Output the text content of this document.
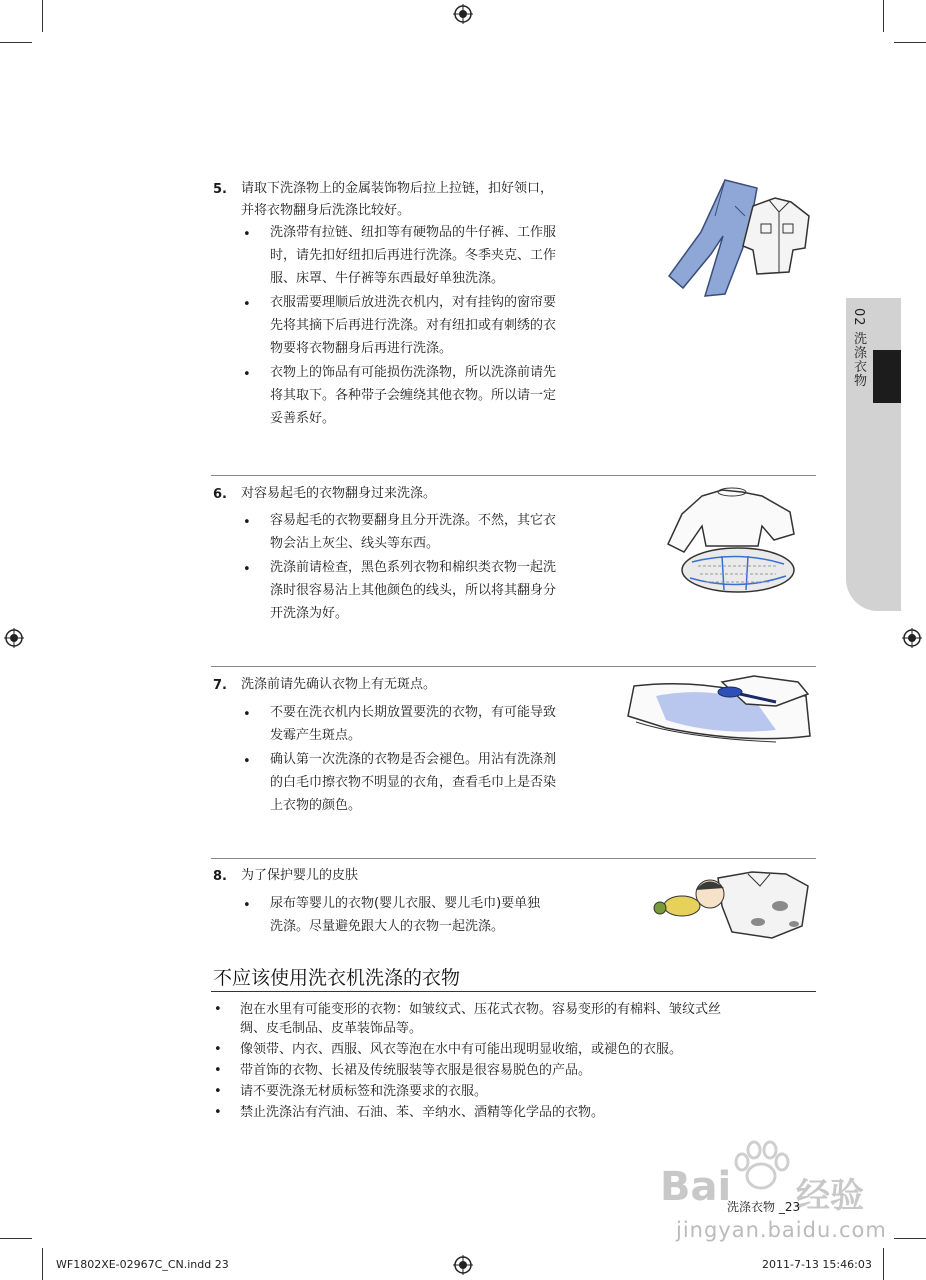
02 洗涤衣物
5. 请取下洗涤物上的金属装饰物后拉上拉链，扣好领口，
并将衣物翻身后洗涤比较好。
• 洗涤带有拉链、纽扣等有硬物品的牛仔裤、工作服
时，请先扣好纽扣后再进行洗涤。冬季夹克、工作
服、床罩、牛仔裤等东西最好单独洗涤。
• 衣服需要理顺后放进洗衣机内，对有挂钩的窗帘要
先将其摘下后再进行洗涤。对有纽扣或有刺绣的衣
物要将衣物翻身后再进行洗涤。
• 衣物上的饰品有可能损伤洗涤物，所以洗涤前请先
将其取下。各种带子会缠绕其他衣物。所以请一定
妥善系好。
6. 对容易起毛的衣物翻身过来洗涤。
• 容易起毛的衣物要翻身且分开洗涤。不然，其它衣
物会沾上灰尘、线头等东西。
• 洗涤前请检查，黑色系列衣物和棉织类衣物一起洗
涤时很容易沾上其他颜色的线头，所以将其翻身分
开洗涤为好。
7. 洗涤前请先确认衣物上有无斑点。
• 不要在洗衣机内长期放置要洗的衣物，有可能导致
发霉产生斑点。
• 确认第一次洗涤的衣物是否会褪色。用沾有洗涤剂
的白毛巾擦衣物不明显的衣角，查看毛巾上是否染
上衣物的颜色。
8. 为了保护婴儿的皮肤
• 尿布等婴儿的衣物(婴儿衣服、婴儿毛巾)要单独
洗涤。尽量避免跟大人的衣物一起洗涤。
不应该使用洗衣机洗涤的衣物
• 泡在水里有可能变形的衣物：如皱纹式、压花式衣物。容易变形的有棉料、皱纹式丝
绸、皮毛制品、皮革装饰品等。
• 像领带、内衣、西服、风衣等泡在水中有可能出现明显收缩，或褪色的衣服。
• 带首饰的衣物、长裙及传统服装等衣服是很容易脱色的产品。
• 请不要洗涤无材质标签和洗涤要求的衣服。
• 禁止洗涤沾有汽油、石油、苯、辛纳水、酒精等化学品的衣物。
Bai 经验
jingyan.baidu.com
洗涤衣物 _23
WF1802XE-02967C_CN.indd 23	2011-7-13 15:46:03
